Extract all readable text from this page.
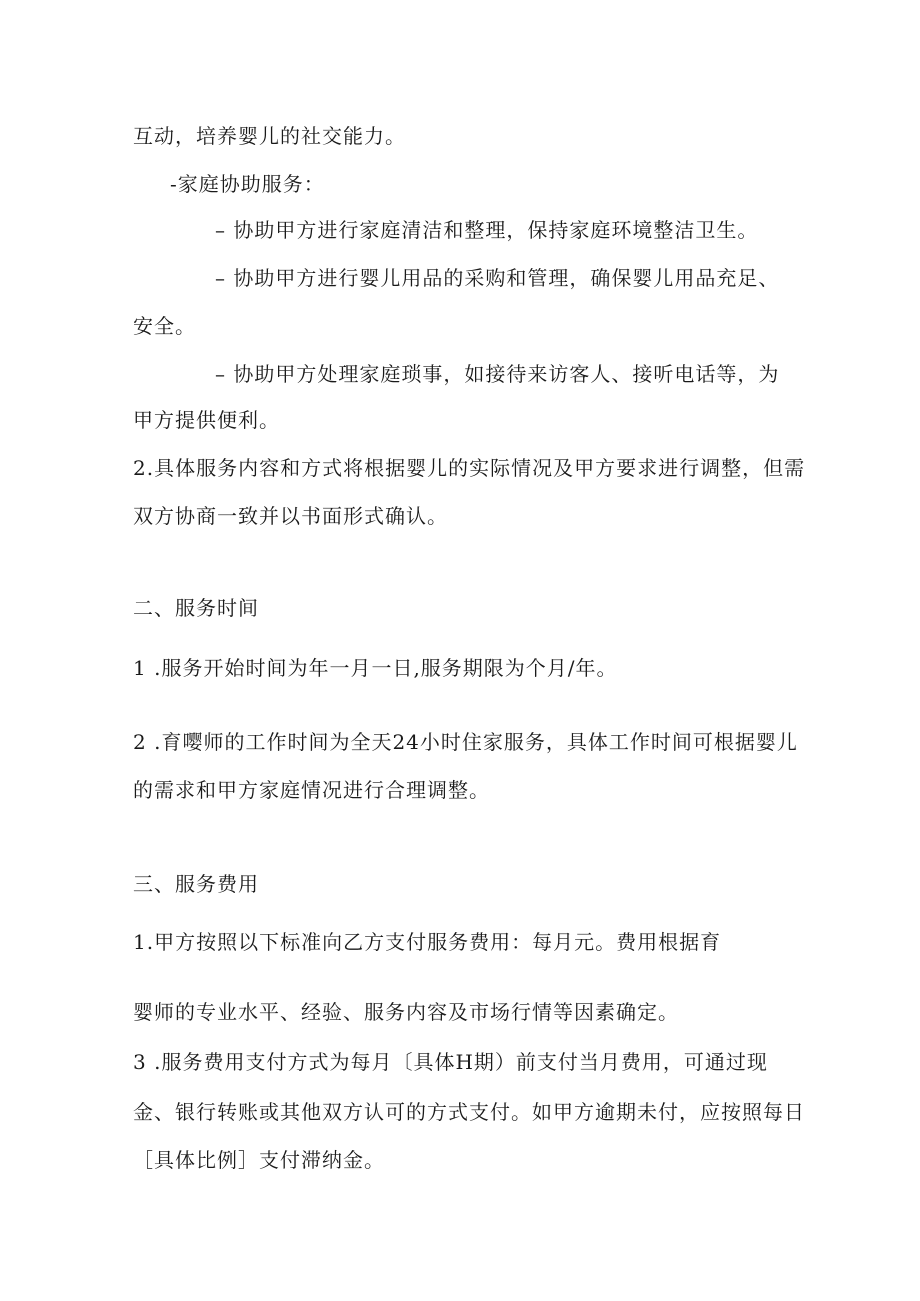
互动，培养婴儿的社交能力。
-家庭协助服务：
– 协助甲方进行家庭清洁和整理，保持家庭环境整洁卫生。
– 协助甲方进行婴儿用品的采购和管理，确保婴儿用品充足、
安全。
– 协助甲方处理家庭琐事，如接待来访客人、接听电话等，为
甲方提供便利。
2.具体服务内容和方式将根据婴儿的实际情况及甲方要求进行调整，但需
双方协商一致并以书面形式确认。
二、服务时间
1 .服务开始时间为年一月一日,服务期限为个月/年。
2 .育嘤师的工作时间为全天24小时住家服务，具体工作时间可根据婴儿
的需求和甲方家庭情况进行合理调整。
三、服务费用
1.甲方按照以下标准向乙方支付服务费用：每月元。费用根据育
婴师的专业水平、经验、服务内容及市场行情等因素确定。
3 .服务费用支付方式为每月〔具体H期）前支付当月费用，可通过现
金、银行转账或其他双方认可的方式支付。如甲方逾期未付，应按照每日
［具体比例］支付滞纳金。
